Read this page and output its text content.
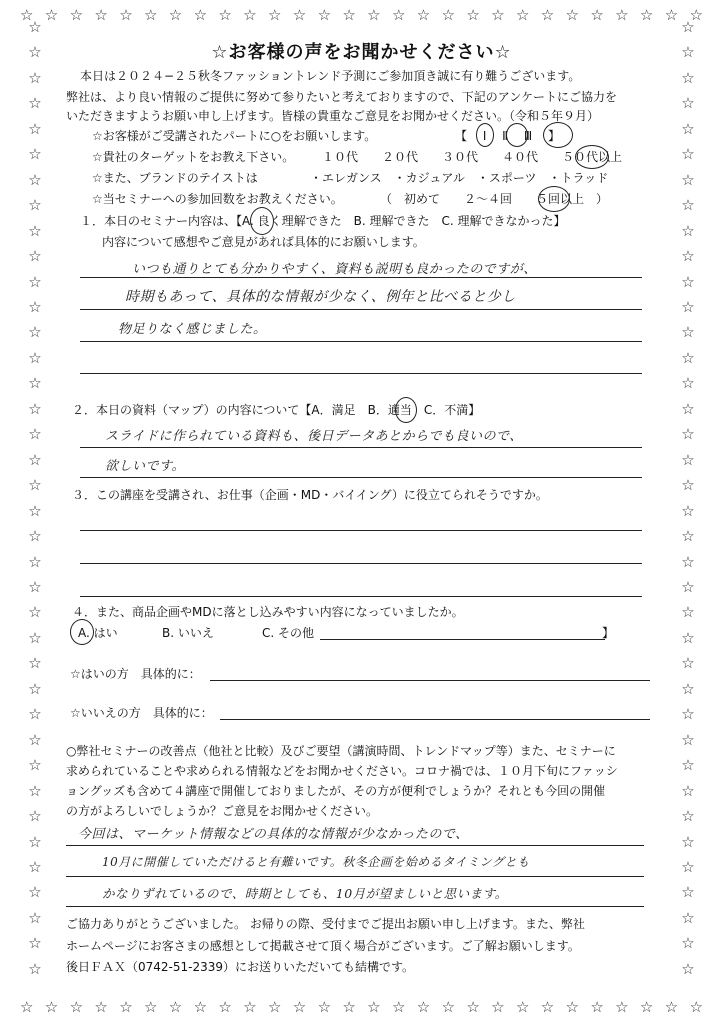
☆ ☆ ☆ ☆ ☆ ☆ ☆ ☆ ☆ ☆ ☆ ☆ ☆ ☆ ☆ ☆ ☆ ☆ ☆ ☆ ☆ ☆ ☆ ☆ ☆ ☆ ☆ ☆
☆ ☆ ☆ ☆ ☆ ☆ ☆ ☆ ☆ ☆ ☆ ☆ ☆ ☆ ☆ ☆ ☆ ☆ ☆ ☆ ☆ ☆ ☆ ☆ ☆ ☆ ☆ ☆
☆
☆
☆
☆
☆
☆
☆
☆
☆
☆
☆
☆
☆
☆
☆
☆
☆
☆
☆
☆
☆
☆
☆
☆
☆
☆
☆
☆
☆
☆
☆
☆
☆
☆
☆
☆
☆
☆
☆
☆
☆
☆
☆
☆
☆
☆
☆
☆
☆
☆
☆
☆
☆
☆
☆
☆
☆
☆
☆
☆
☆
☆
☆
☆
☆
☆
☆
☆
☆
☆
☆
☆
☆
☆
☆
☆
☆お客様の声をお聞かせください☆
本日は２０２４−２５秋冬ファッショントレンド予測にご参加頂き誠に有り難うございます。
弊社は、より良い情報のご提供に努めて参りたいと考えておりますので、下記のアンケートにご協力を
いただきますようお願い申し上げます。皆様の貴重なご意見をお聞かせください。（令和５年９月）
☆お客様がご受講されたパートに○をお願いします。	【 Ⅰ Ⅱ Ⅲ 】
☆貴社のターゲットをお教え下さい。 １０代　　２０代　　３０代　　４０代　　５０代以上
☆また、ブランドのテイストは	・エレガンス　・カジュアル　・スポーツ　・トラッド
☆当セミナーへの参加回数をお教えください。	（　初めて　　２〜４回　　５回以上　）
１．本日のセミナー内容は、【A. 良く理解できた　B. 理解できた　C. 理解できなかった】
内容について感想やご意見があれば具体的にお願いします。
いつも通りとても分かりやすく、資料も説明も良かったのですが、
時期もあって、具体的な情報が少なく、例年と比べると少し
物足りなく感じました。
２．本日の資料（マップ）の内容について【A．満足　B．適当　C．不満】
スライドに作られている資料も、後日データあとからでも良いので、
欲しいです。
３．この講座を受講され、お仕事（企画・MD・バイイング）に役立てられそうですか。
４．また、商品企画やMDに落とし込みやすい内容になっていましたか。
A. はい	B. いいえ	C. その他	】
☆はいの方　具体的に：
☆いいえの方　具体的に：
○弊社セミナーの改善点（他社と比較）及びご要望（講演時間、トレンドマップ等）また、セミナーに
求められていることや求められる情報などをお聞かせください。コロナ禍では、１０月下旬にファッシ
ョングッズも含めて４講座で開催しておりましたが、その方が便利でしょうか？それとも今回の開催
の方がよろしいでしょうか？ご意見をお聞かせください。
今回は、マーケット情報などの具体的な情報が少なかったので、
10月に開催していただけると有難いです。秋冬企画を始めるタイミングとも
かなりずれているので、時期としても、10月が望ましいと思います。
ご協力ありがとうございました。 お帰りの際、受付までご提出お願い申し上げます。また、弊社
ホームページにお客さまの感想として掲載させて頂く場合がございます。ご了解お願いします。
後日ＦＡＸ（0742-51-2339）にお送りいただいても結構です。
